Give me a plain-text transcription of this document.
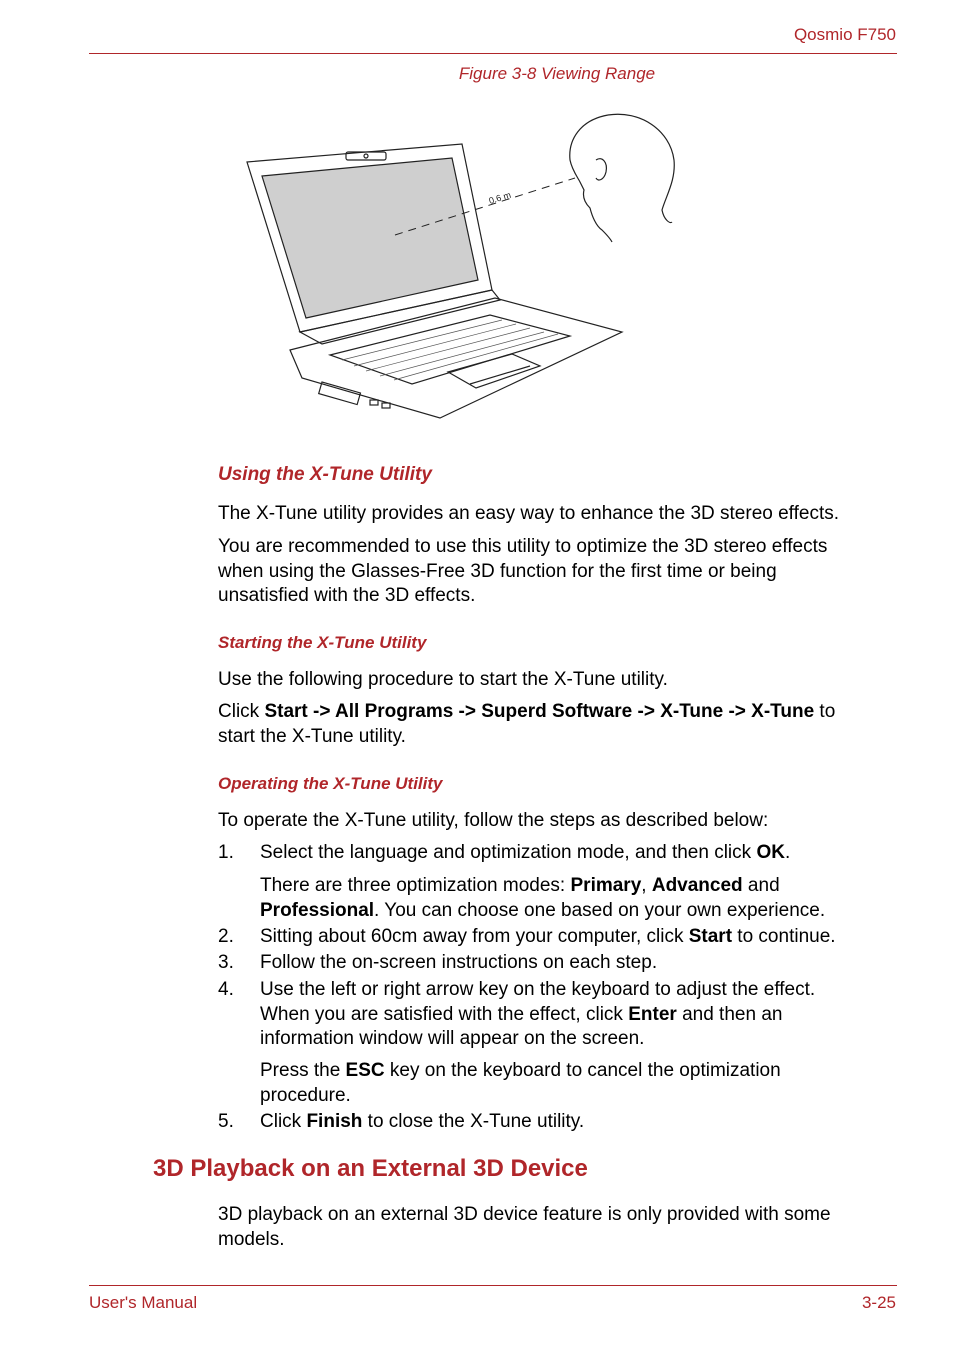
Qosmio F750
Figure 3-8 Viewing Range
0.6 m
Using the X-Tune Utility
The X-Tune utility provides an easy way to enhance the 3D stereo effects.
You are recommended to use this utility to optimize the 3D stereo effects
when using the Glasses-Free 3D function for the first time or being
unsatisfied with the 3D effects.
Starting the X-Tune Utility
Use the following procedure to start the X-Tune utility.
Click Start -> All Programs -> Superd Software -> X-Tune -> X-Tune to
start the X-Tune utility.
Operating the X-Tune Utility
To operate the X-Tune utility, follow the steps as described below:
1. Select the language and optimization mode, and then click OK.
There are three optimization modes: Primary, Advanced and
Professional. You can choose one based on your own experience.
2. Sitting about 60cm away from your computer, click Start to continue.
3. Follow the on-screen instructions on each step.
4. Use the left or right arrow key on the keyboard to adjust the effect.
When you are satisfied with the effect, click Enter and then an
information window will appear on the screen.
Press the ESC key on the keyboard to cancel the optimization
procedure.
5. Click Finish to close the X-Tune utility.
3D Playback on an External 3D Device
3D playback on an external 3D device feature is only provided with some
models.
User's Manual	3-25
